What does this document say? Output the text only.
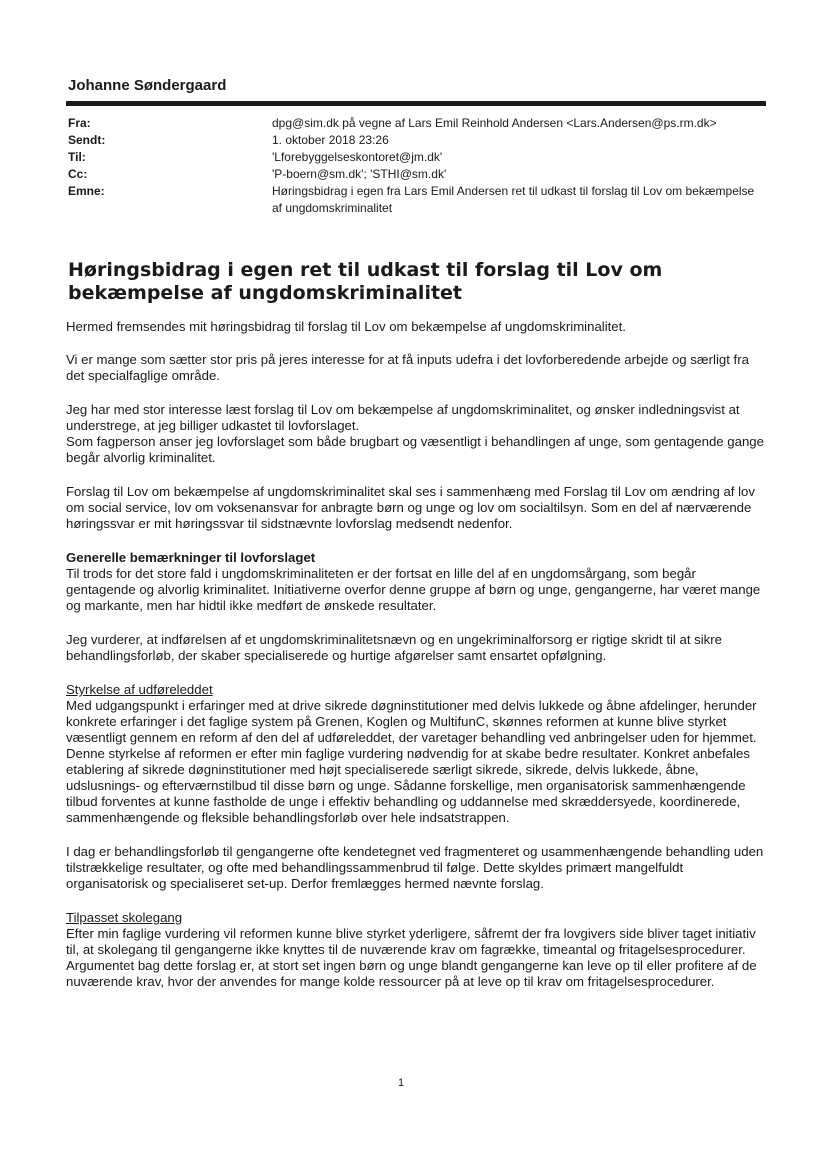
Johanne Søndergaard
Fra:	dpg@sim.dk på vegne af Lars Emil Reinhold Andersen <Lars.Andersen@ps.rm.dk>
Sendt:	1. oktober 2018 23:26
Til:	'Lforebyggelseskontoret@jm.dk'
Cc:	'P-boern@sm.dk'; 'STHI@sm.dk'
Emne:	Høringsbidrag i egen fra Lars Emil Andersen ret til udkast til forslag til Lov om bekæmpelse af ungdomskriminalitet
Høringsbidrag i egen ret til udkast til forslag til Lov om bekæmpelse af ungdomskriminalitet

Hermed fremsendes mit høringsbidrag til forslag til Lov om bekæmpelse af ungdomskriminalitet.

Vi er mange som sætter stor pris på jeres interesse for at få inputs udefra i det lovforberedende arbejde og særligt fra det specialfaglige område.

Jeg har med stor interesse læst forslag til Lov om bekæmpelse af ungdomskriminalitet, og ønsker indledningsvist at understrege, at jeg billiger udkastet til lovforslaget.

Som fagperson anser jeg lovforslaget som både brugbart og væsentligt i behandlingen af unge, som gentagende gange begår alvorlig kriminalitet.

Forslag til Lov om bekæmpelse af ungdomskriminalitet skal ses i sammenhæng med Forslag til Lov om ændring af lov om social service, lov om voksenansvar for anbragte børn og unge og lov om socialtilsyn. Som en del af nærværende høringssvar er mit høringssvar til sidstnævnte lovforslag medsendt nedenfor.

Generelle bemærkninger til lovforslaget

Til trods for det store fald i ungdomskriminaliteten er der fortsat en lille del af en ungdomsårgang, som begår gentagende og alvorlig kriminalitet. Initiativerne overfor denne gruppe af børn og unge, gengangerne, har været mange og markante, men har hidtil ikke medført de ønskede resultater.

Jeg vurderer, at indførelsen af et ungdomskriminalitetsnævn og en ungekriminalforsorg er rigtige skridt til at sikre behandlingsforløb, der skaber specialiserede og hurtige afgørelser samt ensartet opfølgning.

Styrkelse af udføreleddet

Med udgangspunkt i erfaringer med at drive sikrede døgninstitutioner med delvis lukkede og åbne afdelinger, herunder konkrete erfaringer i det faglige system på Grenen, Koglen og MultifunC, skønnes reformen at kunne blive styrket væsentligt gennem en reform af den del af udføreleddet, der varetager behandling ved anbringelser uden for hjemmet. Denne styrkelse af reformen er efter min faglige vurdering nødvendig for at skabe bedre resultater. Konkret anbefales etablering af sikrede døgninstitutioner med højt specialiserede særligt sikrede, sikrede, delvis lukkede, åbne, udslusnings- og efterværnstilbud til disse børn og unge. Sådanne forskellige, men organisatorisk sammenhængende tilbud forventes at kunne fastholde de unge i effektiv behandling og uddannelse med skræddersyede, koordinerede, sammenhængende og fleksible behandlingsforløb over hele indsatstrappen.

I dag er behandlingsforløb til gengangerne ofte kendetegnet ved fragmenteret og usammenhængende behandling uden tilstrækkelige resultater, og ofte med behandlingssammenbrud til følge. Dette skyldes primært mangelfuldt organisatorisk og specialiseret set-up. Derfor fremlægges hermed nævnte forslag.

Tilpasset skolegang

Efter min faglige vurdering vil reformen kunne blive styrket yderligere, såfremt der fra lovgivers side bliver taget initiativ til, at skolegang til gengangerne ikke knyttes til de nuværende krav om fagrække, timeantal og fritagelsesprocedurer. Argumentet bag dette forslag er, at stort set ingen børn og unge blandt gengangerne kan leve op til eller profitere af de nuværende krav, hvor der anvendes for mange kolde ressourcer på at leve op til krav om fritagelsesprocedurer.

1
